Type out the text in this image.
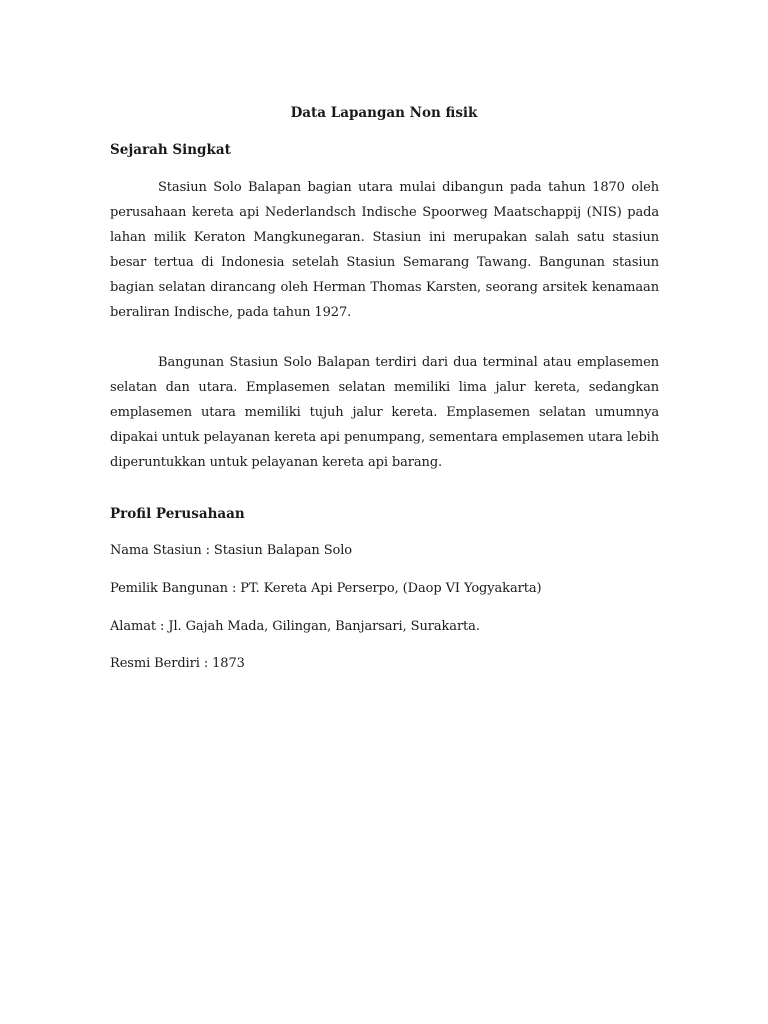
Data Lapangan Non fisik
Sejarah Singkat

Stasiun Solo Balapan bagian utara mulai dibangun pada tahun 1870 oleh perusahaan kereta api Nederlandsch Indische Spoorweg Maatschappij (NIS) pada lahan milik Keraton Mangkunegaran. Stasiun ini merupakan salah satu stasiun besar tertua di Indonesia setelah Stasiun Semarang Tawang. Bangunan stasiun bagian selatan dirancang oleh Herman Thomas Karsten, seorang arsitek kenamaan beraliran Indische, pada tahun 1927.

Bangunan Stasiun Solo Balapan terdiri dari dua terminal atau emplasemen selatan dan utara. Emplasemen selatan memiliki lima jalur kereta, sedangkan emplasemen utara memiliki tujuh jalur kereta. Emplasemen selatan umumnya dipakai untuk pelayanan kereta api penumpang, sementara emplasemen utara lebih diperuntukkan untuk pelayanan kereta api barang.

Profil Perusahaan

Nama Stasiun : Stasiun Balapan Solo

Pemilik Bangunan : PT. Kereta Api Perserpo, (Daop VI Yogyakarta)

Alamat : Jl. Gajah Mada, Gilingan, Banjarsari, Surakarta.

Resmi Berdiri : 1873
